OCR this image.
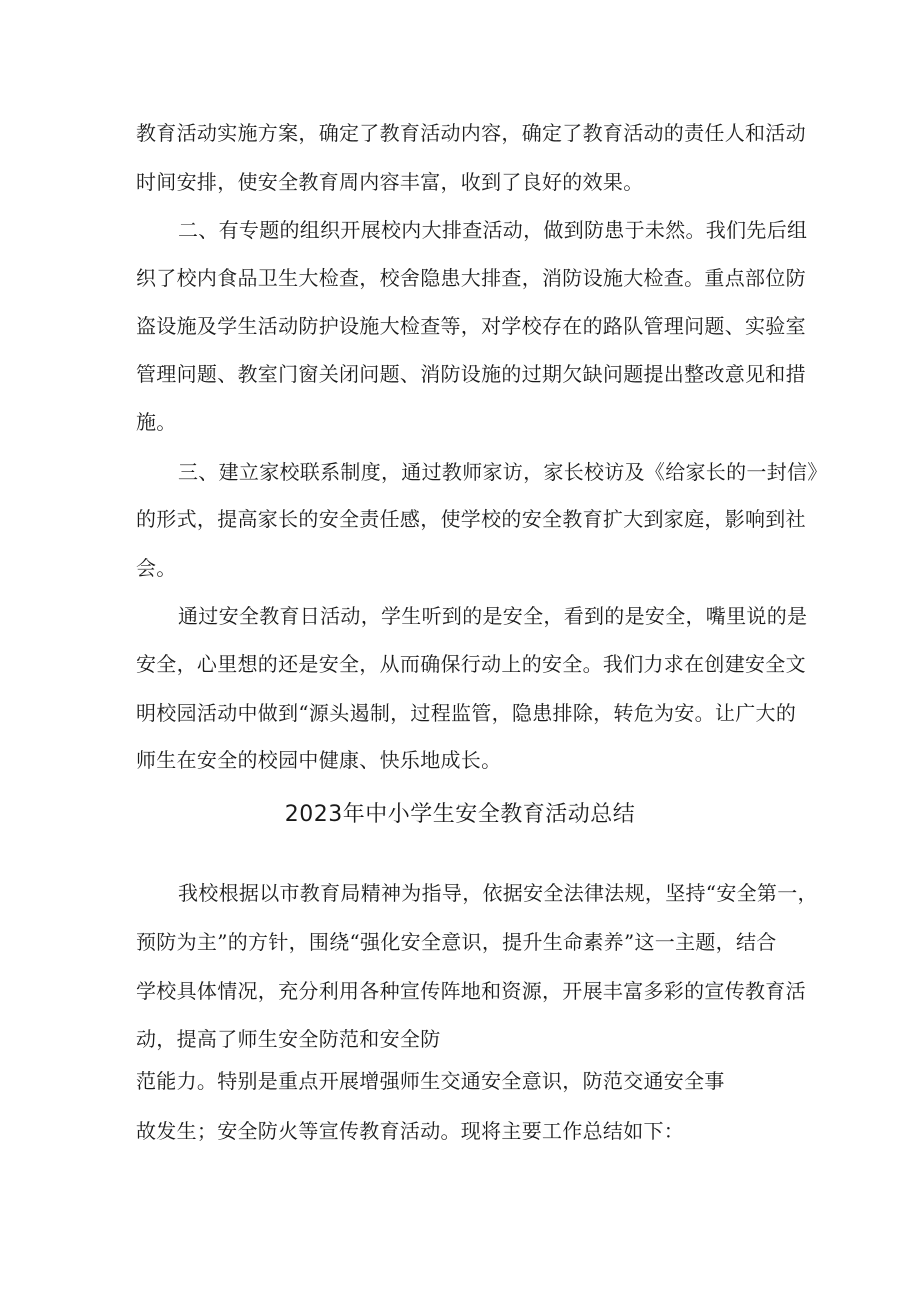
教育活动实施方案，确定了教育活动内容，确定了教育活动的责任人和活动
时间安排，使安全教育周内容丰富，收到了良好的效果。
二、有专题的组织开展校内大排查活动，做到防患于未然。我们先后组
织了校内食品卫生大检查，校舍隐患大排查，消防设施大检查。重点部位防
盗设施及学生活动防护设施大检查等，对学校存在的路队管理问题、实验室
管理问题、教室门窗关闭问题、消防设施的过期欠缺问题提出整改意见和措
施。
三、建立家校联系制度，通过教师家访，家长校访及《给家长的一封信》
的形式，提高家长的安全责任感，使学校的安全教育扩大到家庭，影响到社
会。
通过安全教育日活动，学生听到的是安全，看到的是安全，嘴里说的是
安全，心里想的还是安全，从而确保行动上的安全。我们力求在创建安全文
明校园活动中做到“源头遏制，过程监管，隐患排除，转危为安。让广大的
师生在安全的校园中健康、快乐地成长。
2023年中小学生安全教育活动总结
我校根据以市教育局精神为指导，依据安全法律法规，坚持“安全第一，
预防为主”的方针，围绕“强化安全意识，提升生命素养”这一主题，结合
学校具体情况，充分利用各种宣传阵地和资源，开展丰富多彩的宣传教育活
动，提高了师生安全防范和安全防
范能力。特别是重点开展增强师生交通安全意识，防范交通安全事
故发生；安全防火等宣传教育活动。现将主要工作总结如下：
